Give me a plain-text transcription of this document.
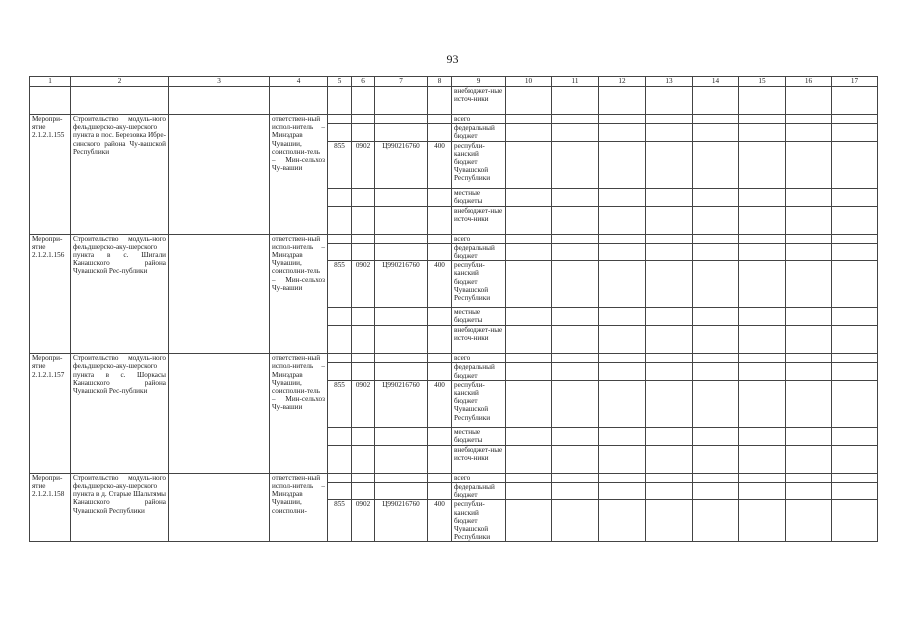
93
1	2	3	4	5	6	7	8	9	10	11	12	13	14	15	16	17
								внебюджет-ные источ-ники								
Меропри-ятие 2.1.2.1.155	Строительство модуль-ного фельдшерско-аку-шерского пункта в пос. Березовка Ибре-синского района Чу-вашской Республики		ответствен-ный испол-нитель – Минздрав Чувашии, соисполни-тель – Мин-сельхоз Чу-вашии					всего								
								федеральный бюджет								
				855	0902	Ц990216760	400	республи-канский бюджет Чувашской Республики								
								местные бюджеты								
								внебюджет-ные источ-ники								
Меропри-ятие 2.1.2.1.156	Строительство модуль-ного фельдшерско-аку-шерского пункта в с. Шигали Канашского района Чувашской Рес-публики		ответствен-ный испол-нитель – Минздрав Чувашии, соисполни-тель – Мин-сельхоз Чу-вашии					всего								
								федеральный бюджет								
				855	0902	Ц990216760	400	республи-канский бюджет Чувашской Республики								
								местные бюджеты								
								внебюджет-ные источ-ники								
Меропри-ятие 2.1.2.1.157	Строительство модуль-ного фельдшерско-аку-шерского пункта в с. Шоркасы Канашского района Чувашской Рес-публики		ответствен-ный испол-нитель – Минздрав Чувашии, соисполни-тель – Мин-сельхоз Чу-вашии					всего								
								федеральный бюджет								
				855	0902	Ц990216760	400	республи-канский бюджет Чувашской Республики								
								местные бюджеты								
								внебюджет-ные источ-ники								
Меропри-ятие 2.1.2.1.158	Строительство модуль-ного фельдшерско-аку-шерского пункта в д. Старые Шальтямы Канашского района Чувашской Республики		ответствен-ный испол-нитель – Минздрав Чувашии, соисполни-					всего								
								федеральный бюджет								
				855	0902	Ц990216760	400	республи-канский бюджет Чувашской Республики								
